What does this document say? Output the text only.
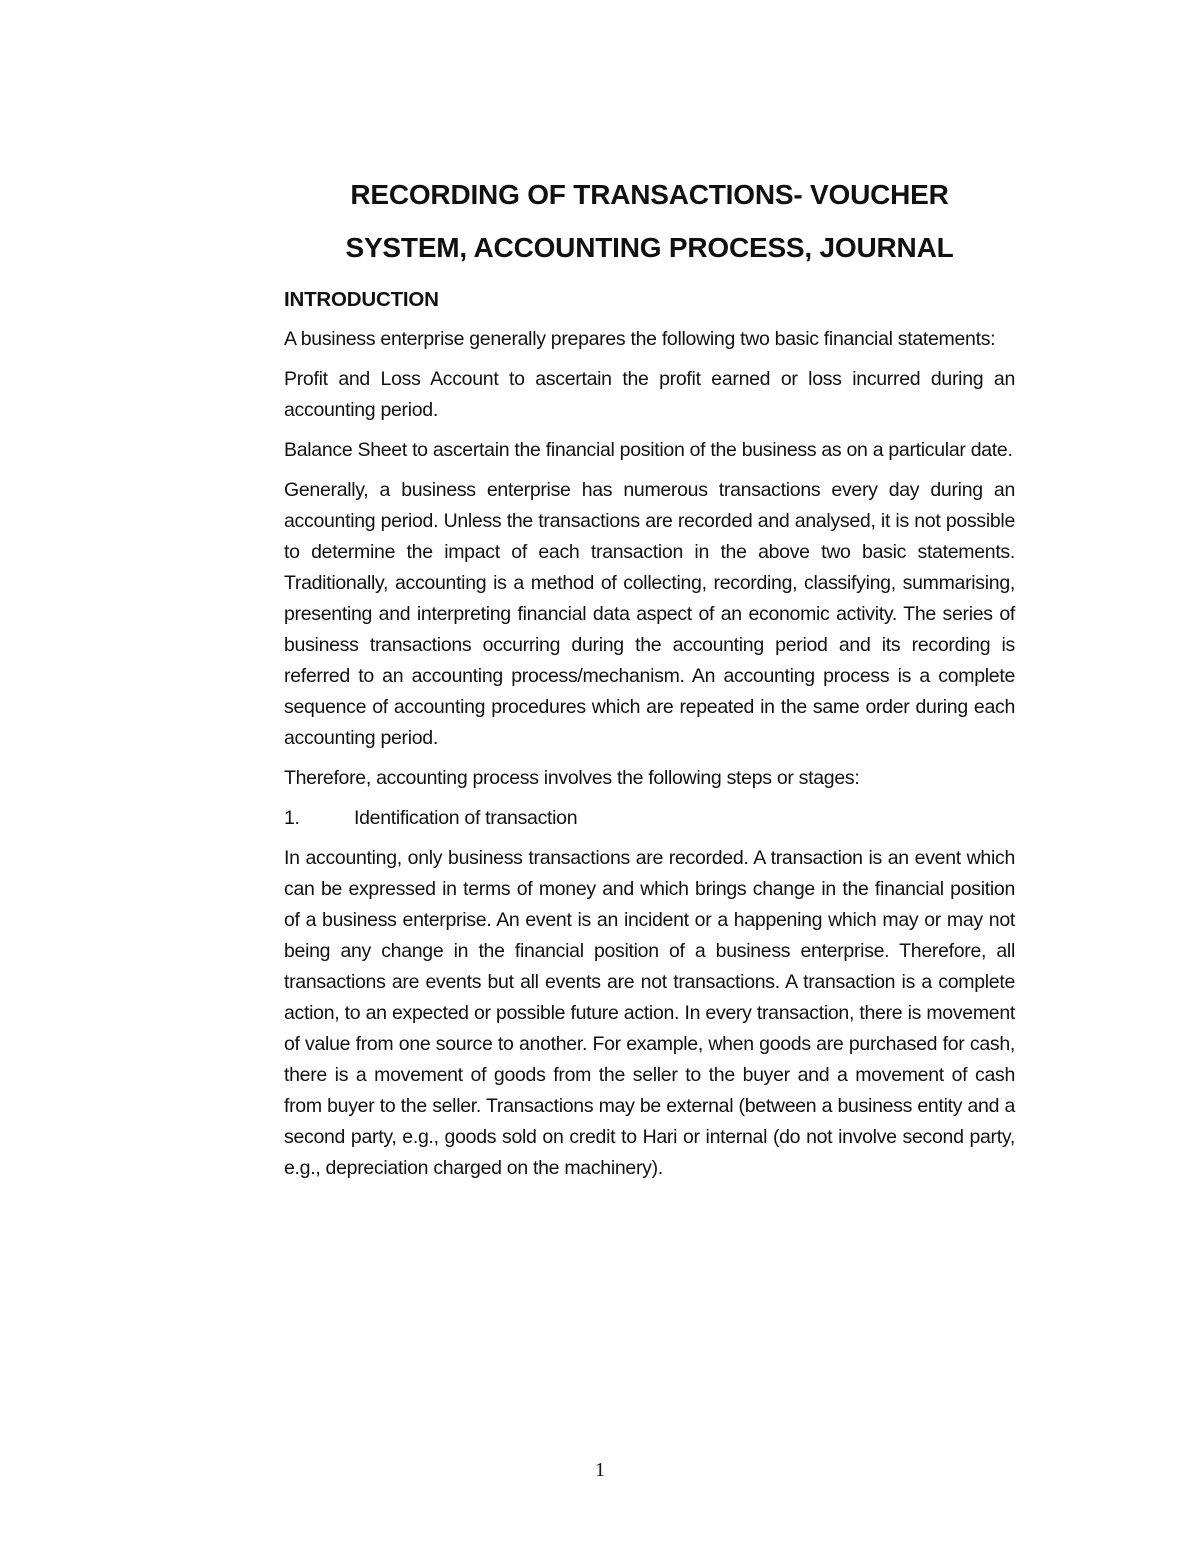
RECORDING OF TRANSACTIONS- VOUCHER
SYSTEM, ACCOUNTING PROCESS, JOURNAL
INTRODUCTION

A business enterprise generally prepares the following two basic financial statements:

Profit and Loss Account to ascertain the profit earned or loss incurred during an accounting period.

Balance Sheet to ascertain the financial position of the business as on a particular date.

Generally, a business enterprise has numerous transactions every day during an accounting period. Unless the transactions are recorded and analysed, it is not possible to determine the impact of each transaction in the above two basic statements. Traditionally, accounting is a method of collecting, recording, classifying, summarising, presenting and interpreting financial data aspect of an economic activity. The series of business transactions occurring during the accounting period and its recording is referred to an accounting process/mechanism. An accounting process is a complete sequence of accounting procedures which are repeated in the same order during each accounting period.

Therefore, accounting process involves the following steps or stages:

1.	Identification of transaction

In accounting, only business transactions are recorded. A transaction is an event which can be expressed in terms of money and which brings change in the financial position of a business enterprise. An event is an incident or a happening which may or may not being any change in the financial position of a business enterprise. Therefore, all transactions are events but all events are not transactions. A transaction is a complete action, to an expected or possible future action. In every transaction, there is movement of value from one source to another. For example, when goods are purchased for cash, there is a movement of goods from the seller to the buyer and a movement of cash from buyer to the seller. Transactions may be external (between a business entity and a second party, e.g., goods sold on credit to Hari or internal (do not involve second party, e.g., depreciation charged on the machinery).

1
